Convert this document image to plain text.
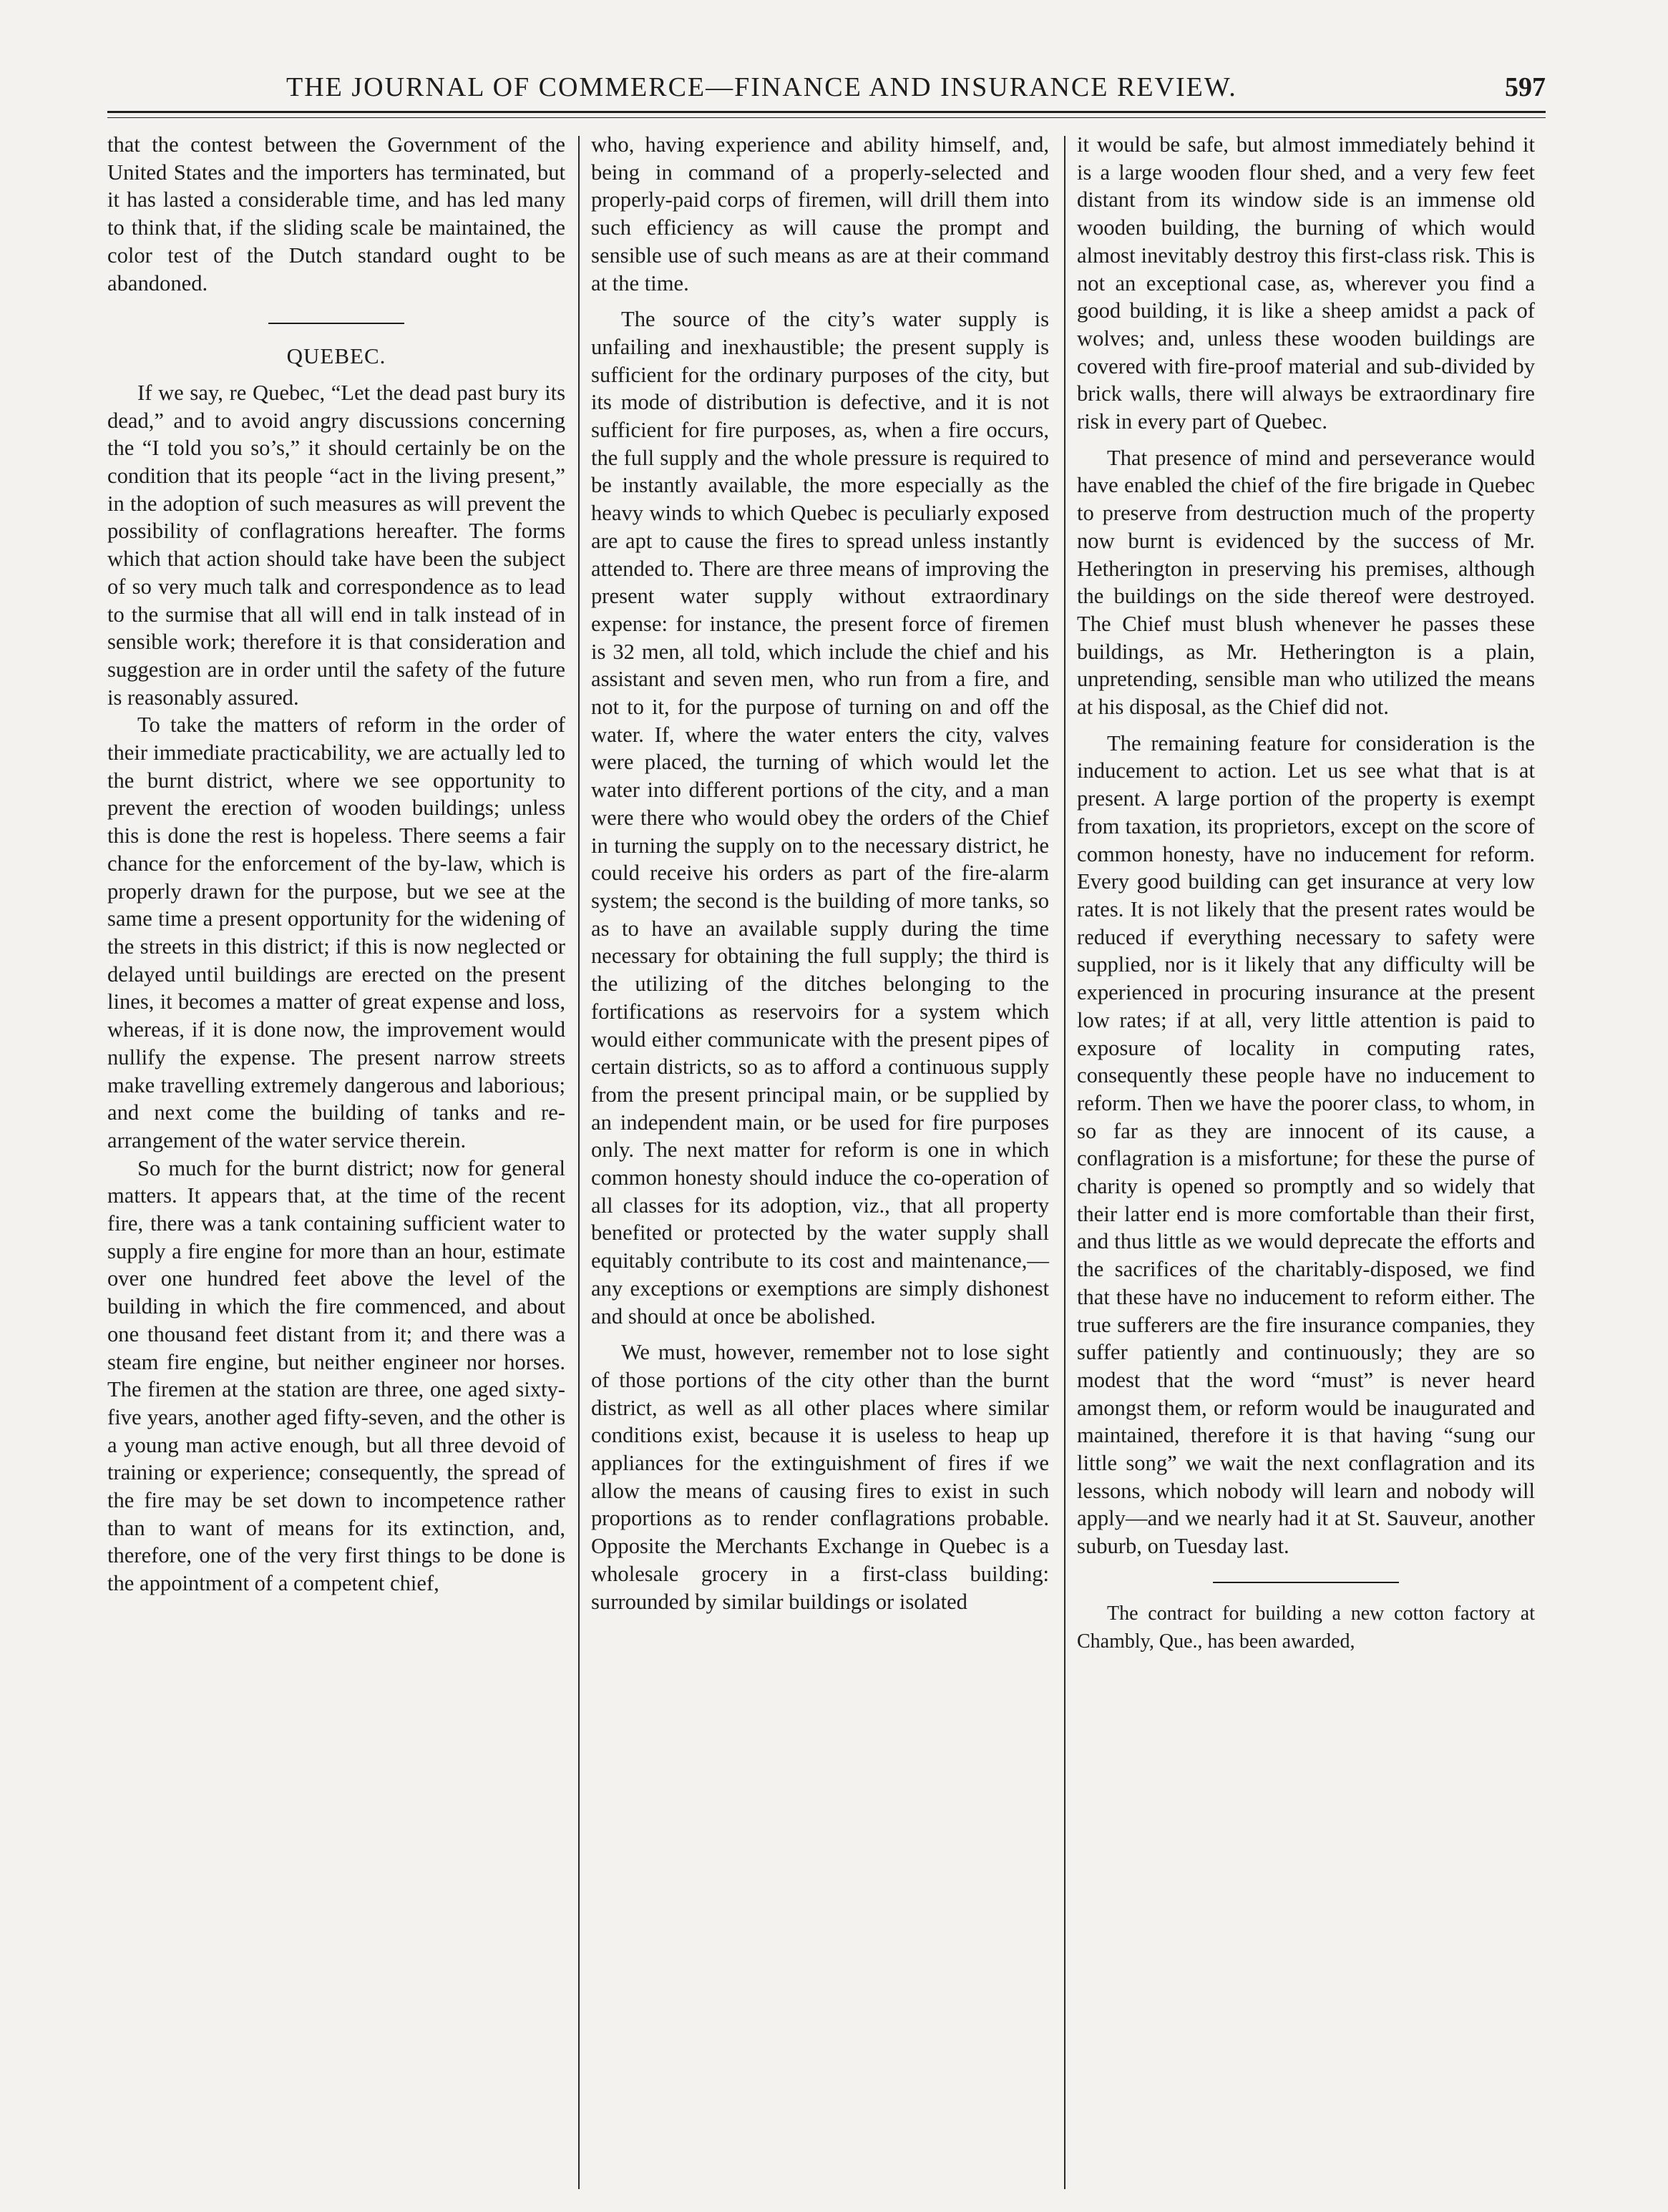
THE JOURNAL OF COMMERCE—FINANCE AND INSURANCE REVIEW.	597

that the contest between the Government of the United States and the importers has terminated, but it has lasted a considerable time, and has led many to think that, if the sliding scale be maintained, the color test of the Dutch standard ought to be abandoned.

QUEBEC.

If we say, re Quebec, “Let the dead past bury its dead,” and to avoid angry discussions concerning the “I told you so’s,” it should certainly be on the condition that its people “act in the living present,” in the adoption of such measures as will prevent the possibility of conflagrations hereafter. The forms which that action should take have been the subject of so very much talk and correspondence as to lead to the surmise that all will end in talk instead of in sensible work; therefore it is that consideration and suggestion are in order until the safety of the future is reasonably assured.

To take the matters of reform in the order of their immediate practicability, we are actually led to the burnt district, where we see opportunity to prevent the erection of wooden buildings; unless this is done the rest is hopeless. There seems a fair chance for the enforcement of the by-law, which is properly drawn for the purpose, but we see at the same time a present opportunity for the widening of the streets in this district; if this is now neglected or delayed until buildings are erected on the present lines, it becomes a matter of great expense and loss, whereas, if it is done now, the improvement would nullify the expense. The present narrow streets make travelling extremely dangerous and laborious; and next come the building of tanks and re-arrangement of the water service therein.

So much for the burnt district; now for general matters. It appears that, at the time of the recent fire, there was a tank containing sufficient water to supply a fire engine for more than an hour, estimate over one hundred feet above the level of the building in which the fire commenced, and about one thousand feet distant from it; and there was a steam fire engine, but neither engineer nor horses. The firemen at the station are three, one aged sixty-five years, another aged fifty-seven, and the other is a young man active enough, but all three devoid of training or experience; consequently, the spread of the fire may be set down to incompetence rather than to want of means for its extinction, and, therefore, one of the very first things to be done is the appointment of a competent chief,

who, having experience and ability himself, and, being in command of a properly-selected and properly-paid corps of firemen, will drill them into such efficiency as will cause the prompt and sensible use of such means as are at their command at the time.

The source of the city’s water supply is unfailing and inexhaustible; the present supply is sufficient for the ordinary purposes of the city, but its mode of distribution is defective, and it is not sufficient for fire purposes, as, when a fire occurs, the full supply and the whole pressure is required to be instantly available, the more especially as the heavy winds to which Quebec is peculiarly exposed are apt to cause the fires to spread unless instantly attended to. There are three means of improving the present water supply without extraordinary expense: for instance, the present force of firemen is 32 men, all told, which include the chief and his assistant and seven men, who run from a fire, and not to it, for the purpose of turning on and off the water. If, where the water enters the city, valves were placed, the turning of which would let the water into different portions of the city, and a man were there who would obey the orders of the Chief in turning the supply on to the necessary district, he could receive his orders as part of the fire-alarm system; the second is the building of more tanks, so as to have an available supply during the time necessary for obtaining the full supply; the third is the utilizing of the ditches belonging to the fortifications as reservoirs for a system which would either communicate with the present pipes of certain districts, so as to afford a continuous supply from the present principal main, or be supplied by an independent main, or be used for fire purposes only. The next matter for reform is one in which common honesty should induce the co-operation of all classes for its adoption, viz., that all property benefited or protected by the water supply shall equitably contribute to its cost and maintenance,—any exceptions or exemptions are simply dishonest and should at once be abolished.

We must, however, remember not to lose sight of those portions of the city other than the burnt district, as well as all other places where similar conditions exist, because it is useless to heap up appliances for the extinguishment of fires if we allow the means of causing fires to exist in such proportions as to render conflagrations probable. Opposite the Merchants Exchange in Quebec is a wholesale grocery in a first-class building: surrounded by similar buildings or isolated

it would be safe, but almost immediately behind it is a large wooden flour shed, and a very few feet distant from its window side is an immense old wooden building, the burning of which would almost inevitably destroy this first-class risk. This is not an exceptional case, as, wherever you find a good building, it is like a sheep amidst a pack of wolves; and, unless these wooden buildings are covered with fire-proof material and sub-divided by brick walls, there will always be extraordinary fire risk in every part of Quebec.

That presence of mind and perseverance would have enabled the chief of the fire brigade in Quebec to preserve from destruction much of the property now burnt is evidenced by the success of Mr. Hetherington in preserving his premises, although the buildings on the side thereof were destroyed. The Chief must blush whenever he passes these buildings, as Mr. Hetherington is a plain, unpretending, sensible man who utilized the means at his disposal, as the Chief did not.

The remaining feature for consideration is the inducement to action. Let us see what that is at present. A large portion of the property is exempt from taxation, its proprietors, except on the score of common honesty, have no inducement for reform. Every good building can get insurance at very low rates. It is not likely that the present rates would be reduced if everything necessary to safety were supplied, nor is it likely that any difficulty will be experienced in procuring insurance at the present low rates; if at all, very little attention is paid to exposure of locality in computing rates, consequently these people have no inducement to reform. Then we have the poorer class, to whom, in so far as they are innocent of its cause, a conflagration is a misfortune; for these the purse of charity is opened so promptly and so widely that their latter end is more comfortable than their first, and thus little as we would deprecate the efforts and the sacrifices of the charitably-disposed, we find that these have no inducement to reform either. The true sufferers are the fire insurance companies, they suffer patiently and continuously; they are so modest that the word “must” is never heard amongst them, or reform would be inaugurated and maintained, therefore it is that having “sung our little song” we wait the next conflagration and its lessons, which nobody will learn and nobody will apply—and we nearly had it at St. Sauveur, another suburb, on Tuesday last.

The contract for building a new cotton factory at Chambly, Que., has been awarded,
